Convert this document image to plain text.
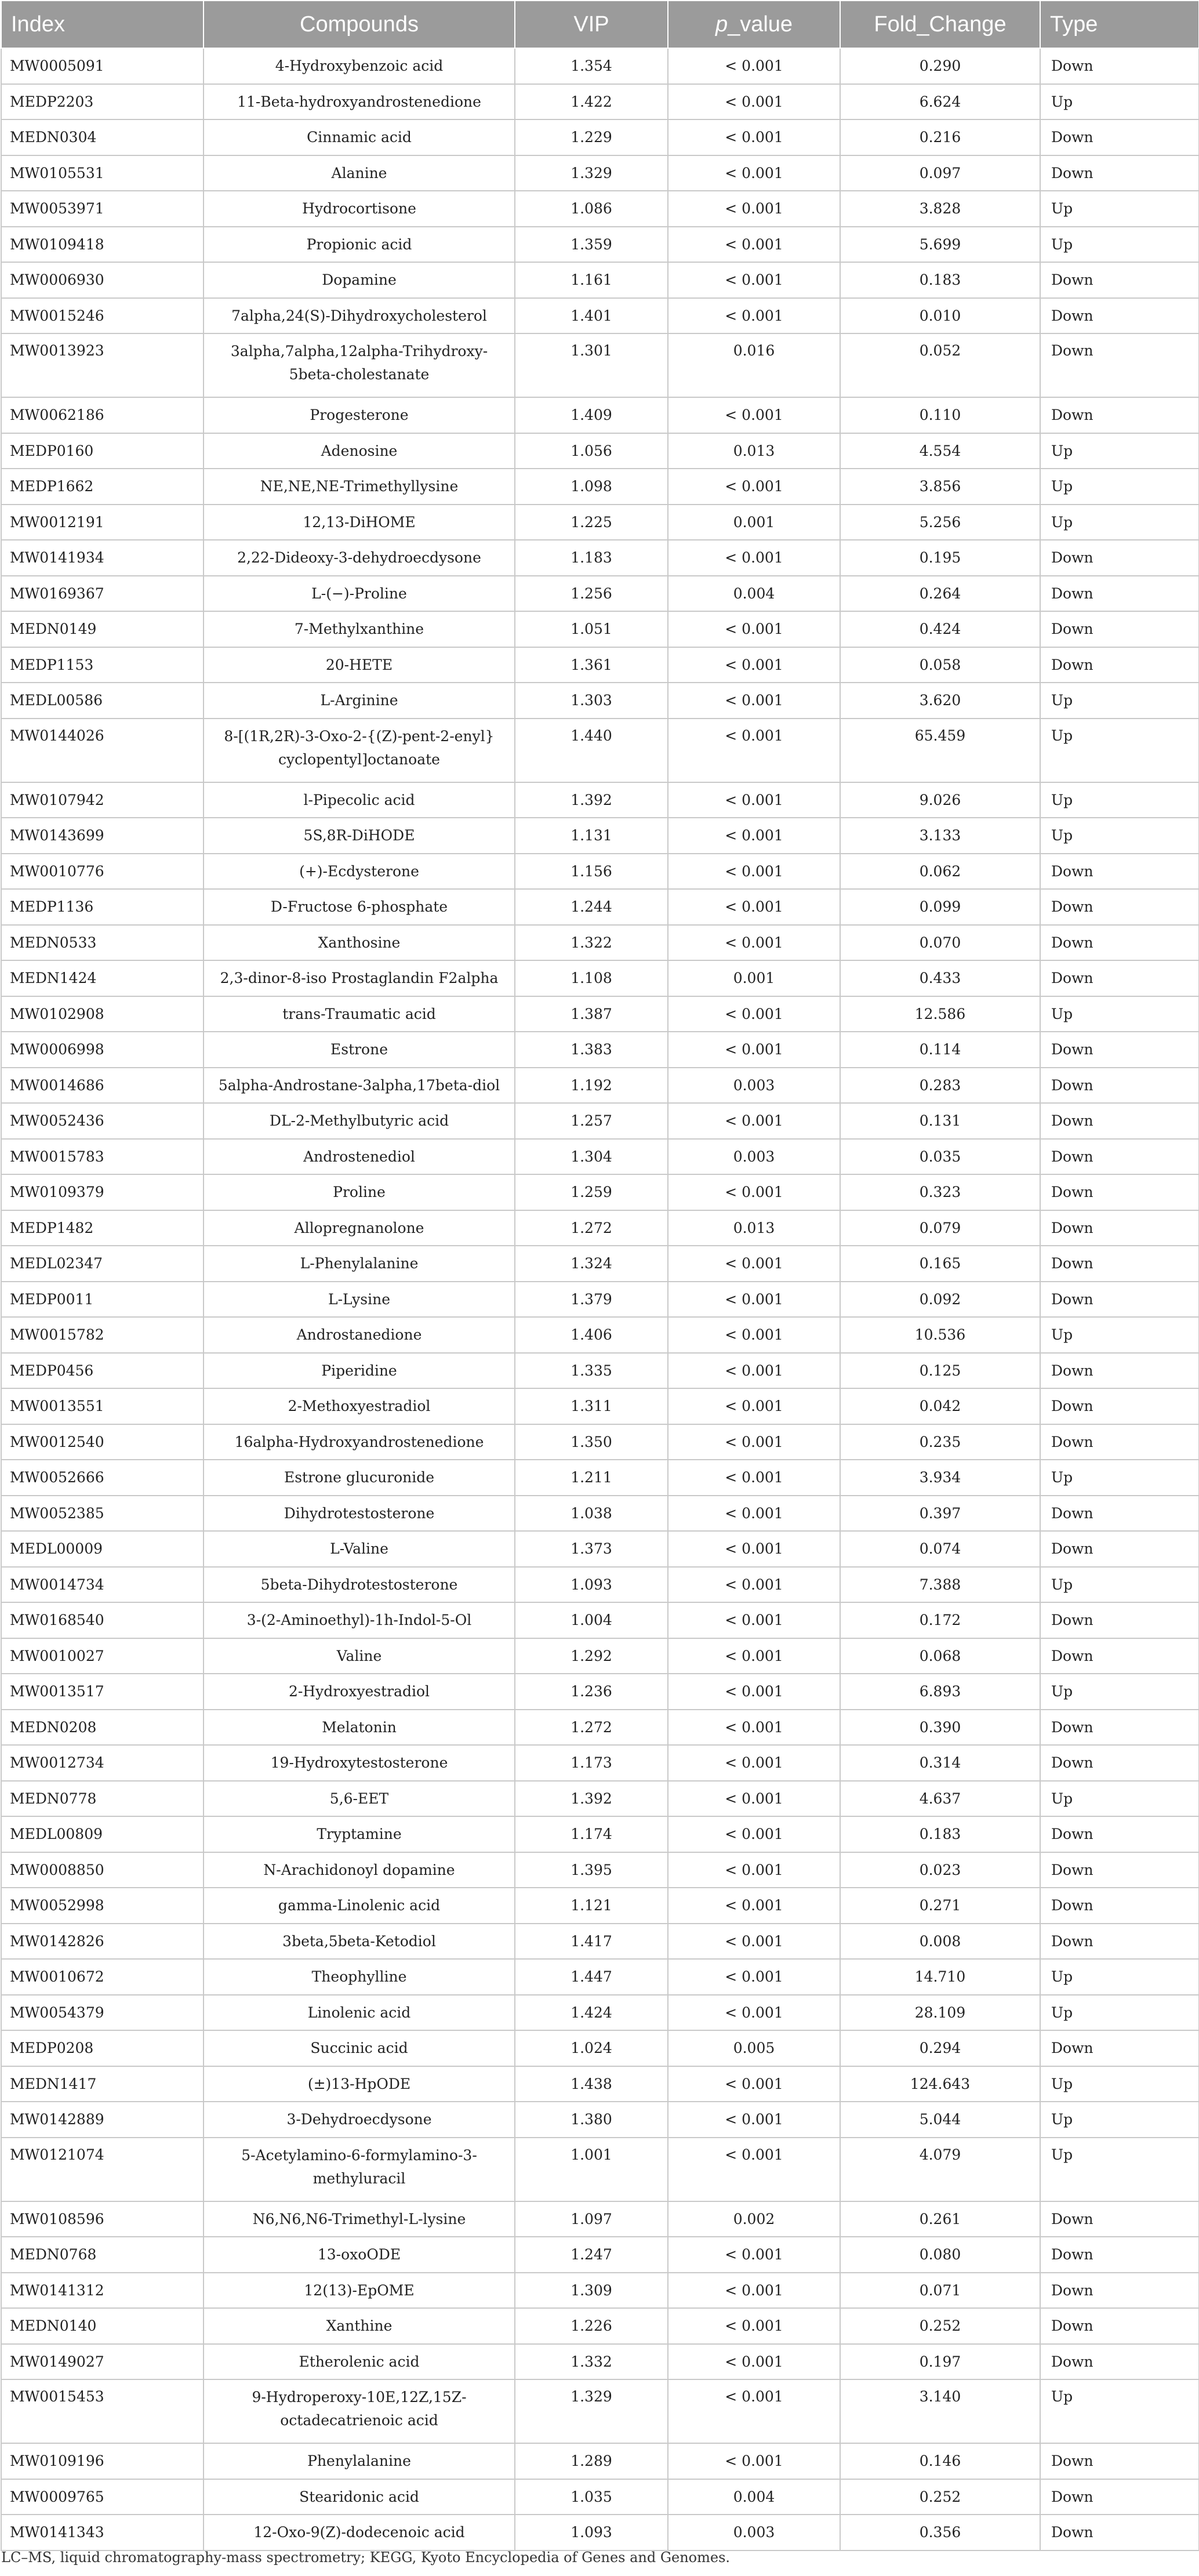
Index	Compounds	VIP	p_value	Fold_Change	Type
MW0005091	4-Hydroxybenzoic acid	1.354	< 0.001	0.290	Down
MEDP2203	11-Beta-hydroxyandrostenedione	1.422	< 0.001	6.624	Up
MEDN0304	Cinnamic acid	1.229	< 0.001	0.216	Down
MW0105531	Alanine	1.329	< 0.001	0.097	Down
MW0053971	Hydrocortisone	1.086	< 0.001	3.828	Up
MW0109418	Propionic acid	1.359	< 0.001	5.699	Up
MW0006930	Dopamine	1.161	< 0.001	0.183	Down
MW0015246	7alpha,24(S)-Dihydroxycholesterol	1.401	< 0.001	0.010	Down
MW0013923	3alpha,7alpha,12alpha-Trihydroxy-5beta-cholestanate	1.301	0.016	0.052	Down
MW0062186	Progesterone	1.409	< 0.001	0.110	Down
MEDP0160	Adenosine	1.056	0.013	4.554	Up
MEDP1662	NE,NE,NE-Trimethyllysine	1.098	< 0.001	3.856	Up
MW0012191	12,13-DiHOME	1.225	0.001	5.256	Up
MW0141934	2,22-Dideoxy-3-dehydroecdysone	1.183	< 0.001	0.195	Down
MW0169367	L-(−)-Proline	1.256	0.004	0.264	Down
MEDN0149	7-Methylxanthine	1.051	< 0.001	0.424	Down
MEDP1153	20-HETE	1.361	< 0.001	0.058	Down
MEDL00586	L-Arginine	1.303	< 0.001	3.620	Up
MW0144026	8-[(1R,2R)-3-Oxo-2-{(Z)-pent-2-enyl} cyclopentyl]octanoate	1.440	< 0.001	65.459	Up
MW0107942	l-Pipecolic acid	1.392	< 0.001	9.026	Up
MW0143699	5S,8R-DiHODE	1.131	< 0.001	3.133	Up
MW0010776	(+)-Ecdysterone	1.156	< 0.001	0.062	Down
MEDP1136	D-Fructose 6-phosphate	1.244	< 0.001	0.099	Down
MEDN0533	Xanthosine	1.322	< 0.001	0.070	Down
MEDN1424	2,3-dinor-8-iso Prostaglandin F2alpha	1.108	0.001	0.433	Down
MW0102908	trans-Traumatic acid	1.387	< 0.001	12.586	Up
MW0006998	Estrone	1.383	< 0.001	0.114	Down
MW0014686	5alpha-Androstane-3alpha,17beta-diol	1.192	0.003	0.283	Down
MW0052436	DL-2-Methylbutyric acid	1.257	< 0.001	0.131	Down
MW0015783	Androstenediol	1.304	0.003	0.035	Down
MW0109379	Proline	1.259	< 0.001	0.323	Down
MEDP1482	Allopregnanolone	1.272	0.013	0.079	Down
MEDL02347	L-Phenylalanine	1.324	< 0.001	0.165	Down
MEDP0011	L-Lysine	1.379	< 0.001	0.092	Down
MW0015782	Androstanedione	1.406	< 0.001	10.536	Up
MEDP0456	Piperidine	1.335	< 0.001	0.125	Down
MW0013551	2-Methoxyestradiol	1.311	< 0.001	0.042	Down
MW0012540	16alpha-Hydroxyandrostenedione	1.350	< 0.001	0.235	Down
MW0052666	Estrone glucuronide	1.211	< 0.001	3.934	Up
MW0052385	Dihydrotestosterone	1.038	< 0.001	0.397	Down
MEDL00009	L-Valine	1.373	< 0.001	0.074	Down
MW0014734	5beta-Dihydrotestosterone	1.093	< 0.001	7.388	Up
MW0168540	3-(2-Aminoethyl)-1h-Indol-5-Ol	1.004	< 0.001	0.172	Down
MW0010027	Valine	1.292	< 0.001	0.068	Down
MW0013517	2-Hydroxyestradiol	1.236	< 0.001	6.893	Up
MEDN0208	Melatonin	1.272	< 0.001	0.390	Down
MW0012734	19-Hydroxytestosterone	1.173	< 0.001	0.314	Down
MEDN0778	5,6-EET	1.392	< 0.001	4.637	Up
MEDL00809	Tryptamine	1.174	< 0.001	0.183	Down
MW0008850	N-Arachidonoyl dopamine	1.395	< 0.001	0.023	Down
MW0052998	gamma-Linolenic acid	1.121	< 0.001	0.271	Down
MW0142826	3beta,5beta-Ketodiol	1.417	< 0.001	0.008	Down
MW0010672	Theophylline	1.447	< 0.001	14.710	Up
MW0054379	Linolenic acid	1.424	< 0.001	28.109	Up
MEDP0208	Succinic acid	1.024	0.005	0.294	Down
MEDN1417	(±)13-HpODE	1.438	< 0.001	124.643	Up
MW0142889	3-Dehydroecdysone	1.380	< 0.001	5.044	Up
MW0121074	5-Acetylamino-6-formylamino-3-methyluracil	1.001	< 0.001	4.079	Up
MW0108596	N6,N6,N6-Trimethyl-L-lysine	1.097	0.002	0.261	Down
MEDN0768	13-oxoODE	1.247	< 0.001	0.080	Down
MW0141312	12(13)-EpOME	1.309	< 0.001	0.071	Down
MEDN0140	Xanthine	1.226	< 0.001	0.252	Down
MW0149027	Etherolenic acid	1.332	< 0.001	0.197	Down
MW0015453	9-Hydroperoxy-10E,12Z,15Z-octadecatrienoic acid	1.329	< 0.001	3.140	Up
MW0109196	Phenylalanine	1.289	< 0.001	0.146	Down
MW0009765	Stearidonic acid	1.035	0.004	0.252	Down
MW0141343	12-Oxo-9(Z)-dodecenoic acid	1.093	0.003	0.356	Down
LC–MS, liquid chromatography-mass spectrometry; KEGG, Kyoto Encyclopedia of Genes and Genomes.
